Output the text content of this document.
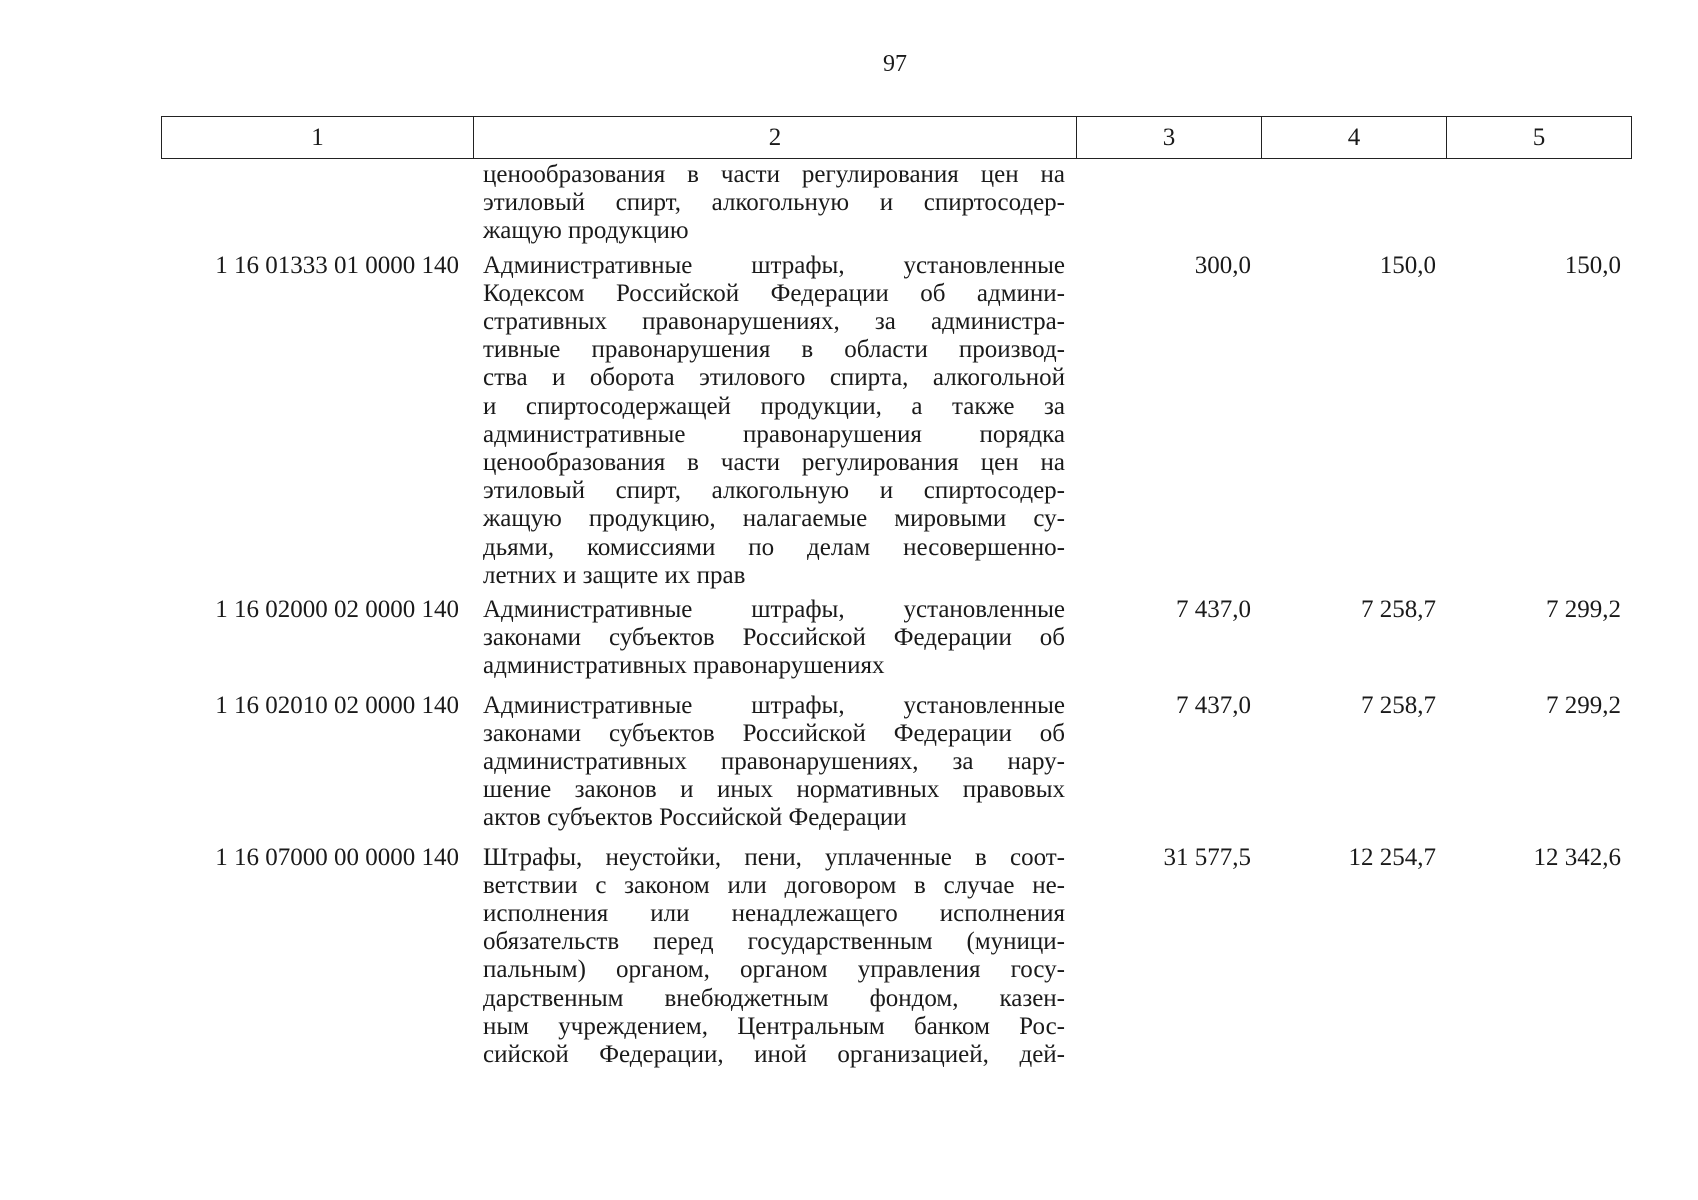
97
1	2	3	4	5
ценообразования в части регулирования цен на
этиловый спирт, алкогольную и спиртосодер-
жащую продукцию
1 16 01333 01 0000 140 Административные штрафы, установленные
Кодексом Российской Федерации об админи-
стративных правонарушениях, за администра-
тивные правонарушения в области производ-
ства и оборота этилового спирта, алкогольной
и спиртосодержащей продукции, а также за
административные правонарушения порядка
ценообразования в части регулирования цен на
этиловый спирт, алкогольную и спиртосодер-
жащую продукцию, налагаемые мировыми су-
дьями, комиссиями по делам несовершенно-
летних и защите их прав
300,0	150,0	150,0
1 16 02000 02 0000 140 Административные штрафы, установленные
законами субъектов Российской Федерации об
административных правонарушениях
7 437,0	7 258,7	7 299,2
1 16 02010 02 0000 140 Административные штрафы, установленные
законами субъектов Российской Федерации об
административных правонарушениях, за нару-
шение законов и иных нормативных правовых
актов субъектов Российской Федерации
7 437,0	7 258,7	7 299,2
1 16 07000 00 0000 140 Штрафы, неустойки, пени, уплаченные в соот-
ветствии с законом или договором в случае не-
исполнения или ненадлежащего исполнения
обязательств перед государственным (муници-
пальным) органом, органом управления госу-
дарственным внебюджетным фондом, казен-
ным учреждением, Центральным банком Рос-
сийской Федерации, иной организацией, дей-
31 577,5	12 254,7	12 342,6
